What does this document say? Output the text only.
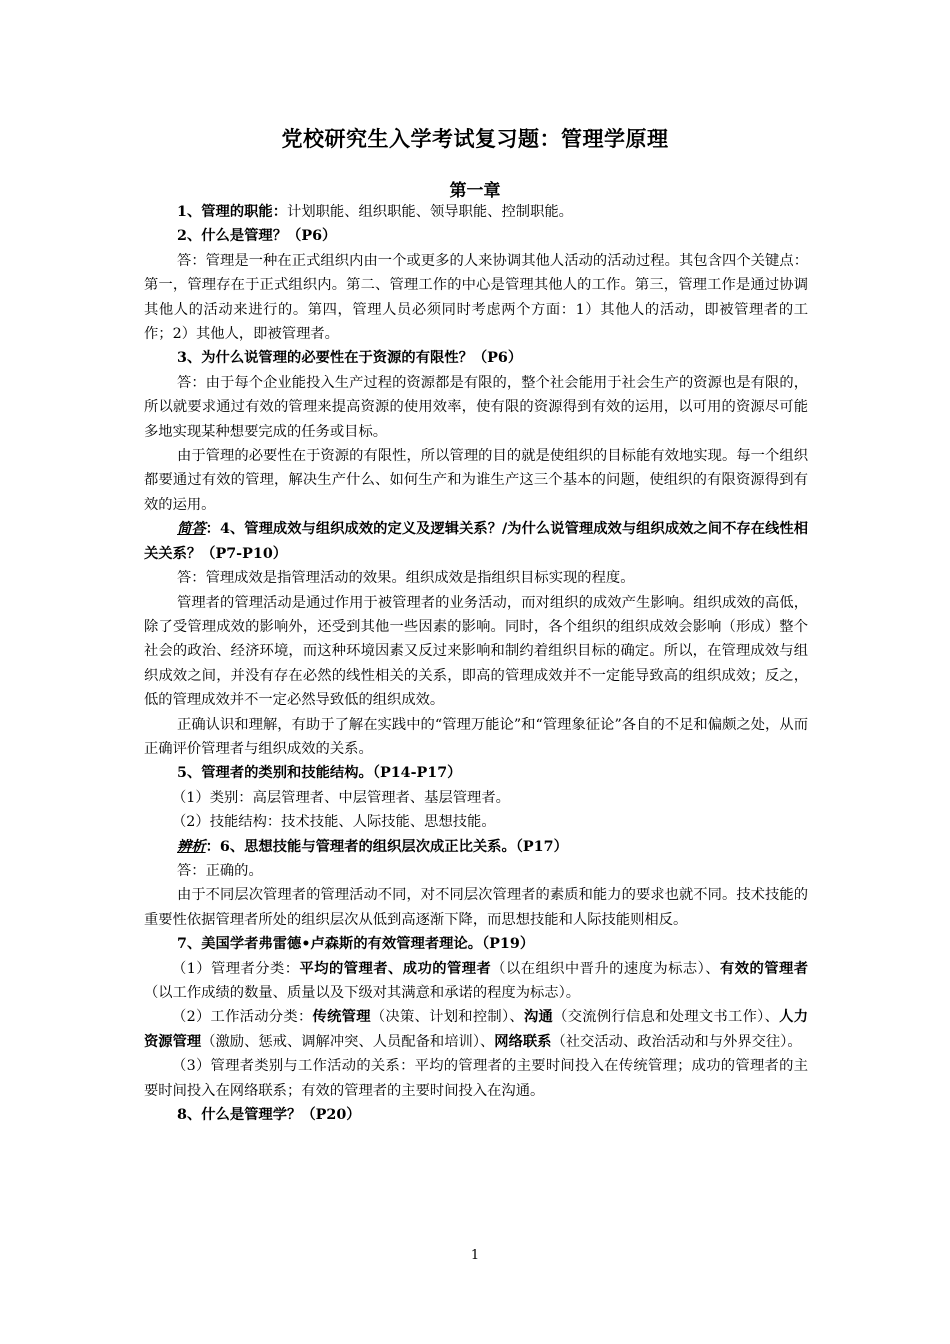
党校研究生入学考试复习题：管理学原理
第一章

1、管理的职能：计划职能、组织职能、领导职能、控制职能。

2、什么是管理？（P6）

答：管理是一种在正式组织内由一个或更多的人来协调其他人活动的活动过程。其包含四个关键点：第一，管理存在于正式组织内。第二、管理工作的中心是管理其他人的工作。第三，管理工作是通过协调其他人的活动来进行的。第四，管理人员必须同时考虑两个方面：1）其他人的活动，即被管理者的工作；2）其他人，即被管理者。

3、为什么说管理的必要性在于资源的有限性？（P6）

答：由于每个企业能投入生产过程的资源都是有限的，整个社会能用于社会生产的资源也是有限的，所以就要求通过有效的管理来提高资源的使用效率，使有限的资源得到有效的运用，以可用的资源尽可能多地实现某种想要完成的任务或目标。

由于管理的必要性在于资源的有限性，所以管理的目的就是使组织的目标能有效地实现。每一个组织都要通过有效的管理，解决生产什么、如何生产和为谁生产这三个基本的问题，使组织的有限资源得到有效的运用。

简答：4、管理成效与组织成效的定义及逻辑关系？/为什么说管理成效与组织成效之间不存在线性相关关系？（P7-P10）

答：管理成效是指管理活动的效果。组织成效是指组织目标实现的程度。

管理者的管理活动是通过作用于被管理者的业务活动，而对组织的成效产生影响。组织成效的高低，除了受管理成效的影响外，还受到其他一些因素的影响。同时，各个组织的组织成效会影响（形成）整个社会的政治、经济环境，而这种环境因素又反过来影响和制约着组织目标的确定。所以，在管理成效与组织成效之间，并没有存在必然的线性相关的关系，即高的管理成效并不一定能导致高的组织成效；反之，低的管理成效并不一定必然导致低的组织成效。

正确认识和理解，有助于了解在实践中的“管理万能论”和“管理象征论”各自的不足和偏颇之处，从而正确评价管理者与组织成效的关系。

5、管理者的类别和技能结构。（P14-P17）

（1）类别：高层管理者、中层管理者、基层管理者。

（2）技能结构：技术技能、人际技能、思想技能。

辨析：6、思想技能与管理者的组织层次成正比关系。（P17）

答：正确的。

由于不同层次管理者的管理活动不同，对不同层次管理者的素质和能力的要求也就不同。技术技能的重要性依据管理者所处的组织层次从低到高逐渐下降，而思想技能和人际技能则相反。

7、美国学者弗雷德•卢森斯的有效管理者理论。（P19）

（1）管理者分类：平均的管理者、成功的管理者（以在组织中晋升的速度为标志）、有效的管理者（以工作成绩的数量、质量以及下级对其满意和承诺的程度为标志）。

（2）工作活动分类：传统管理（决策、计划和控制）、沟通（交流例行信息和处理文书工作）、人力资源管理（激励、惩戒、调解冲突、人员配备和培训）、网络联系（社交活动、政治活动和与外界交往）。

（3）管理者类别与工作活动的关系：平均的管理者的主要时间投入在传统管理；成功的管理者的主要时间投入在网络联系；有效的管理者的主要时间投入在沟通。

8、什么是管理学？（P20）

1
